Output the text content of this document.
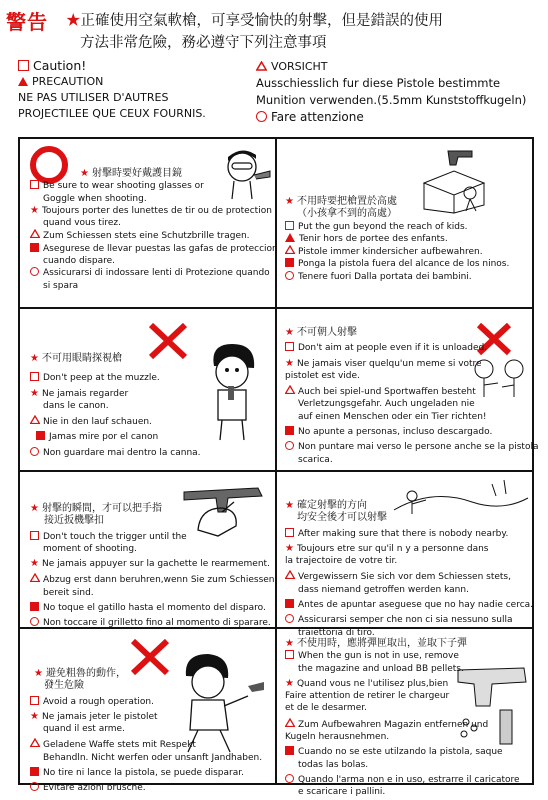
警告 ★正確使用空氣軟槍，可享受愉快的射擊，但是錯誤的使用
方法非常危險，務必遵守下列注意事項
Caution!
PRECAUTION
NE PAS UTILISER D'AUTRES
PROJECTILEE QUE CEUX FOURNIS.
VORSICHT
Ausschiesslich fur diese Pistole bestimmte
Munition verwenden.(5.5mm Kunststoffkugeln)
Fare attenzione
★ 射擊時要好戴護目鏡
Be sure to wear shooting glasses or
Goggle when shooting.
★ Toujours porter des lunettes de tir ou de protection
quand vous tirez.
Zum Schiessen stets eine Schutzbrille tragen.
Asegurese de llevar puestas las gafas de proteccion
cuando dispare.
Assicurarsi di indossare lenti di Protezione quando
si spara
★ 不用時要把槍置於高處
（小孩拿不到的高處）
Put the gun beyond the reach of kids.
Tenir hors de portee des enfants.
Pistole immer kindersicher aufbewahren.
Ponga la pistola fuera del alcance de los ninos.
Tenere fuori Dalla portata dei bambini.
★ 不可用眼睛探視槍
Don't peep at the muzzle.
★ Ne jamais regarder
dans le canon.
Nie in den lauf schauen.
Jamas mire por el canon
Non guardare mai dentro la canna.
★ 不可朝人射擊
Don't aim at people even if it is unloaded.
★ Ne jamais viser quelqu'un meme si votre
pistolet est vide.
Auch bei spiel-und Sportwaffen besteht
Verletzungsgefahr. Auch ungeladen nie
auf einen Menschen oder ein Tier richten!
No apunte a personas, incluso descargado.
Non puntare mai verso le persone anche se la pistola
scarica.
★ 射擊的瞬間，才可以把手指
接近扳機擊扣
Don't touch the trigger until the
moment of shooting.
★ Ne jamais appuyer sur la gachette le rearmement.
Abzug erst dann beruhren,wenn Sie zum Schiessen
bereit sind.
No toque el gatillo hasta el momento del disparo.
Non toccare il grilletto fino al momento di sparare.
★ 確定射擊的方向
均安全後才可以射擊
After making sure that there is nobody nearby.
★ Toujours etre sur qu'il n y a personne dans
la trajectoire de votre tir.
Vergewissern Sie sich vor dem Schiessen stets,
dass niemand getroffen werden kann.
Antes de apuntar aseguese que no hay nadie cerca.
Assicurarsi semper che non ci sia nessuno sulla
traiettoria di tiro.
★ 避免粗魯的動作，
發生危險
Avoid a rough operation.
★ Ne jamais jeter le pistolet
quand il est arme.
Geladene Waffe stets mit Respekt
Behandln. Nicht werfen oder unsanft Jandhaben.
No tire ni lance la pistola, se puede disparar.
Evitare azioni brusche.
★ 不使用時，應將彈匣取出，並取下子彈
When the gun is not in use, remove
the magazine and unload BB pellets.
★ Quand vous ne l'utilisez plus,bien
Faire attention de retirer le chargeur
et de le desarmer.
Zum Aufbewahren Magazin entfernen und
Kugeln herausnehmen.
Cuando no se este utilzando la pistola, saque
todas las bolas.
Quando l'arma non e in uso, estrarre il caricatore
e scaricare i pallini.
